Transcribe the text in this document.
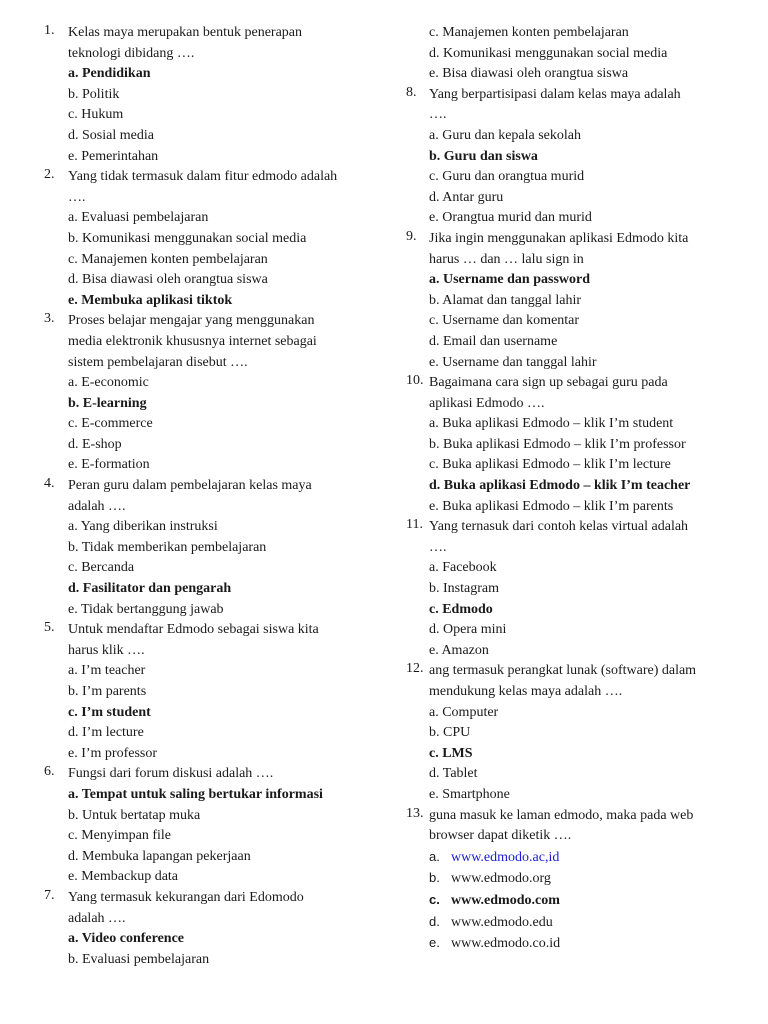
1. Kelas maya merupakan bentuk penerapan
teknologi dibidang ….
a. Pendidikan
b. Politik
c. Hukum
d. Sosial media
e. Pemerintahan
2. Yang tidak termasuk dalam fitur edmodo adalah
….
a. Evaluasi pembelajaran
b. Komunikasi menggunakan social media
c. Manajemen konten pembelajaran
d. Bisa diawasi oleh orangtua siswa
e. Membuka aplikasi tiktok
3. Proses belajar mengajar yang menggunakan
media elektronik khususnya internet sebagai
sistem pembelajaran disebut ….
a. E-economic
b. E-learning
c. E-commerce
d. E-shop
e. E-formation
4. Peran guru dalam pembelajaran kelas maya
adalah ….
a. Yang diberikan instruksi
b. Tidak memberikan pembelajaran
c. Bercanda
d. Fasilitator dan pengarah
e. Tidak bertanggung jawab
5. Untuk mendaftar Edmodo sebagai siswa kita
harus klik ….
a. I’m teacher
b. I’m parents
c. I’m student
d. I’m lecture
e. I’m professor
6. Fungsi dari forum diskusi adalah ….
a. Tempat untuk saling bertukar informasi
b. Untuk bertatap muka
c. Menyimpan file
d. Membuka lapangan pekerjaan
e. Membackup data
7. Yang termasuk kekurangan dari Edomodo
adalah ….
a. Video conference
b. Evaluasi pembelajaran
c. Manajemen konten pembelajaran
d. Komunikasi menggunakan social media
e. Bisa diawasi oleh orangtua siswa
8. Yang berpartisipasi dalam kelas maya adalah
….
a. Guru dan kepala sekolah
b. Guru dan siswa
c. Guru dan orangtua murid
d. Antar guru
e. Orangtua murid dan murid
9. Jika ingin menggunakan aplikasi Edmodo kita
harus … dan … lalu sign in
a. Username dan password
b. Alamat dan tanggal lahir
c. Username dan komentar
d. Email dan username
e. Username dan tanggal lahir
10. Bagaimana cara sign up sebagai guru pada
aplikasi Edmodo ….
a. Buka aplikasi Edmodo – klik I’m student
b. Buka aplikasi Edmodo – klik I’m professor
c. Buka aplikasi Edmodo – klik I’m lecture
d. Buka aplikasi Edmodo – klik I’m teacher
e. Buka aplikasi Edmodo – klik I’m parents
11. Yang ternasuk dari contoh kelas virtual adalah
….
a. Facebook
b. Instagram
c. Edmodo
d. Opera mini
e. Amazon
12. ang termasuk perangkat lunak (software) dalam
mendukung kelas maya adalah ….
a. Computer
b. CPU
c. LMS
d. Tablet
e. Smartphone
13. guna masuk ke laman edmodo, maka pada web
browser dapat diketik ….
a. www.edmodo.ac,id
b. www.edmodo.org
c. www.edmodo.com
d. www.edmodo.edu
e. www.edmodo.co.id
